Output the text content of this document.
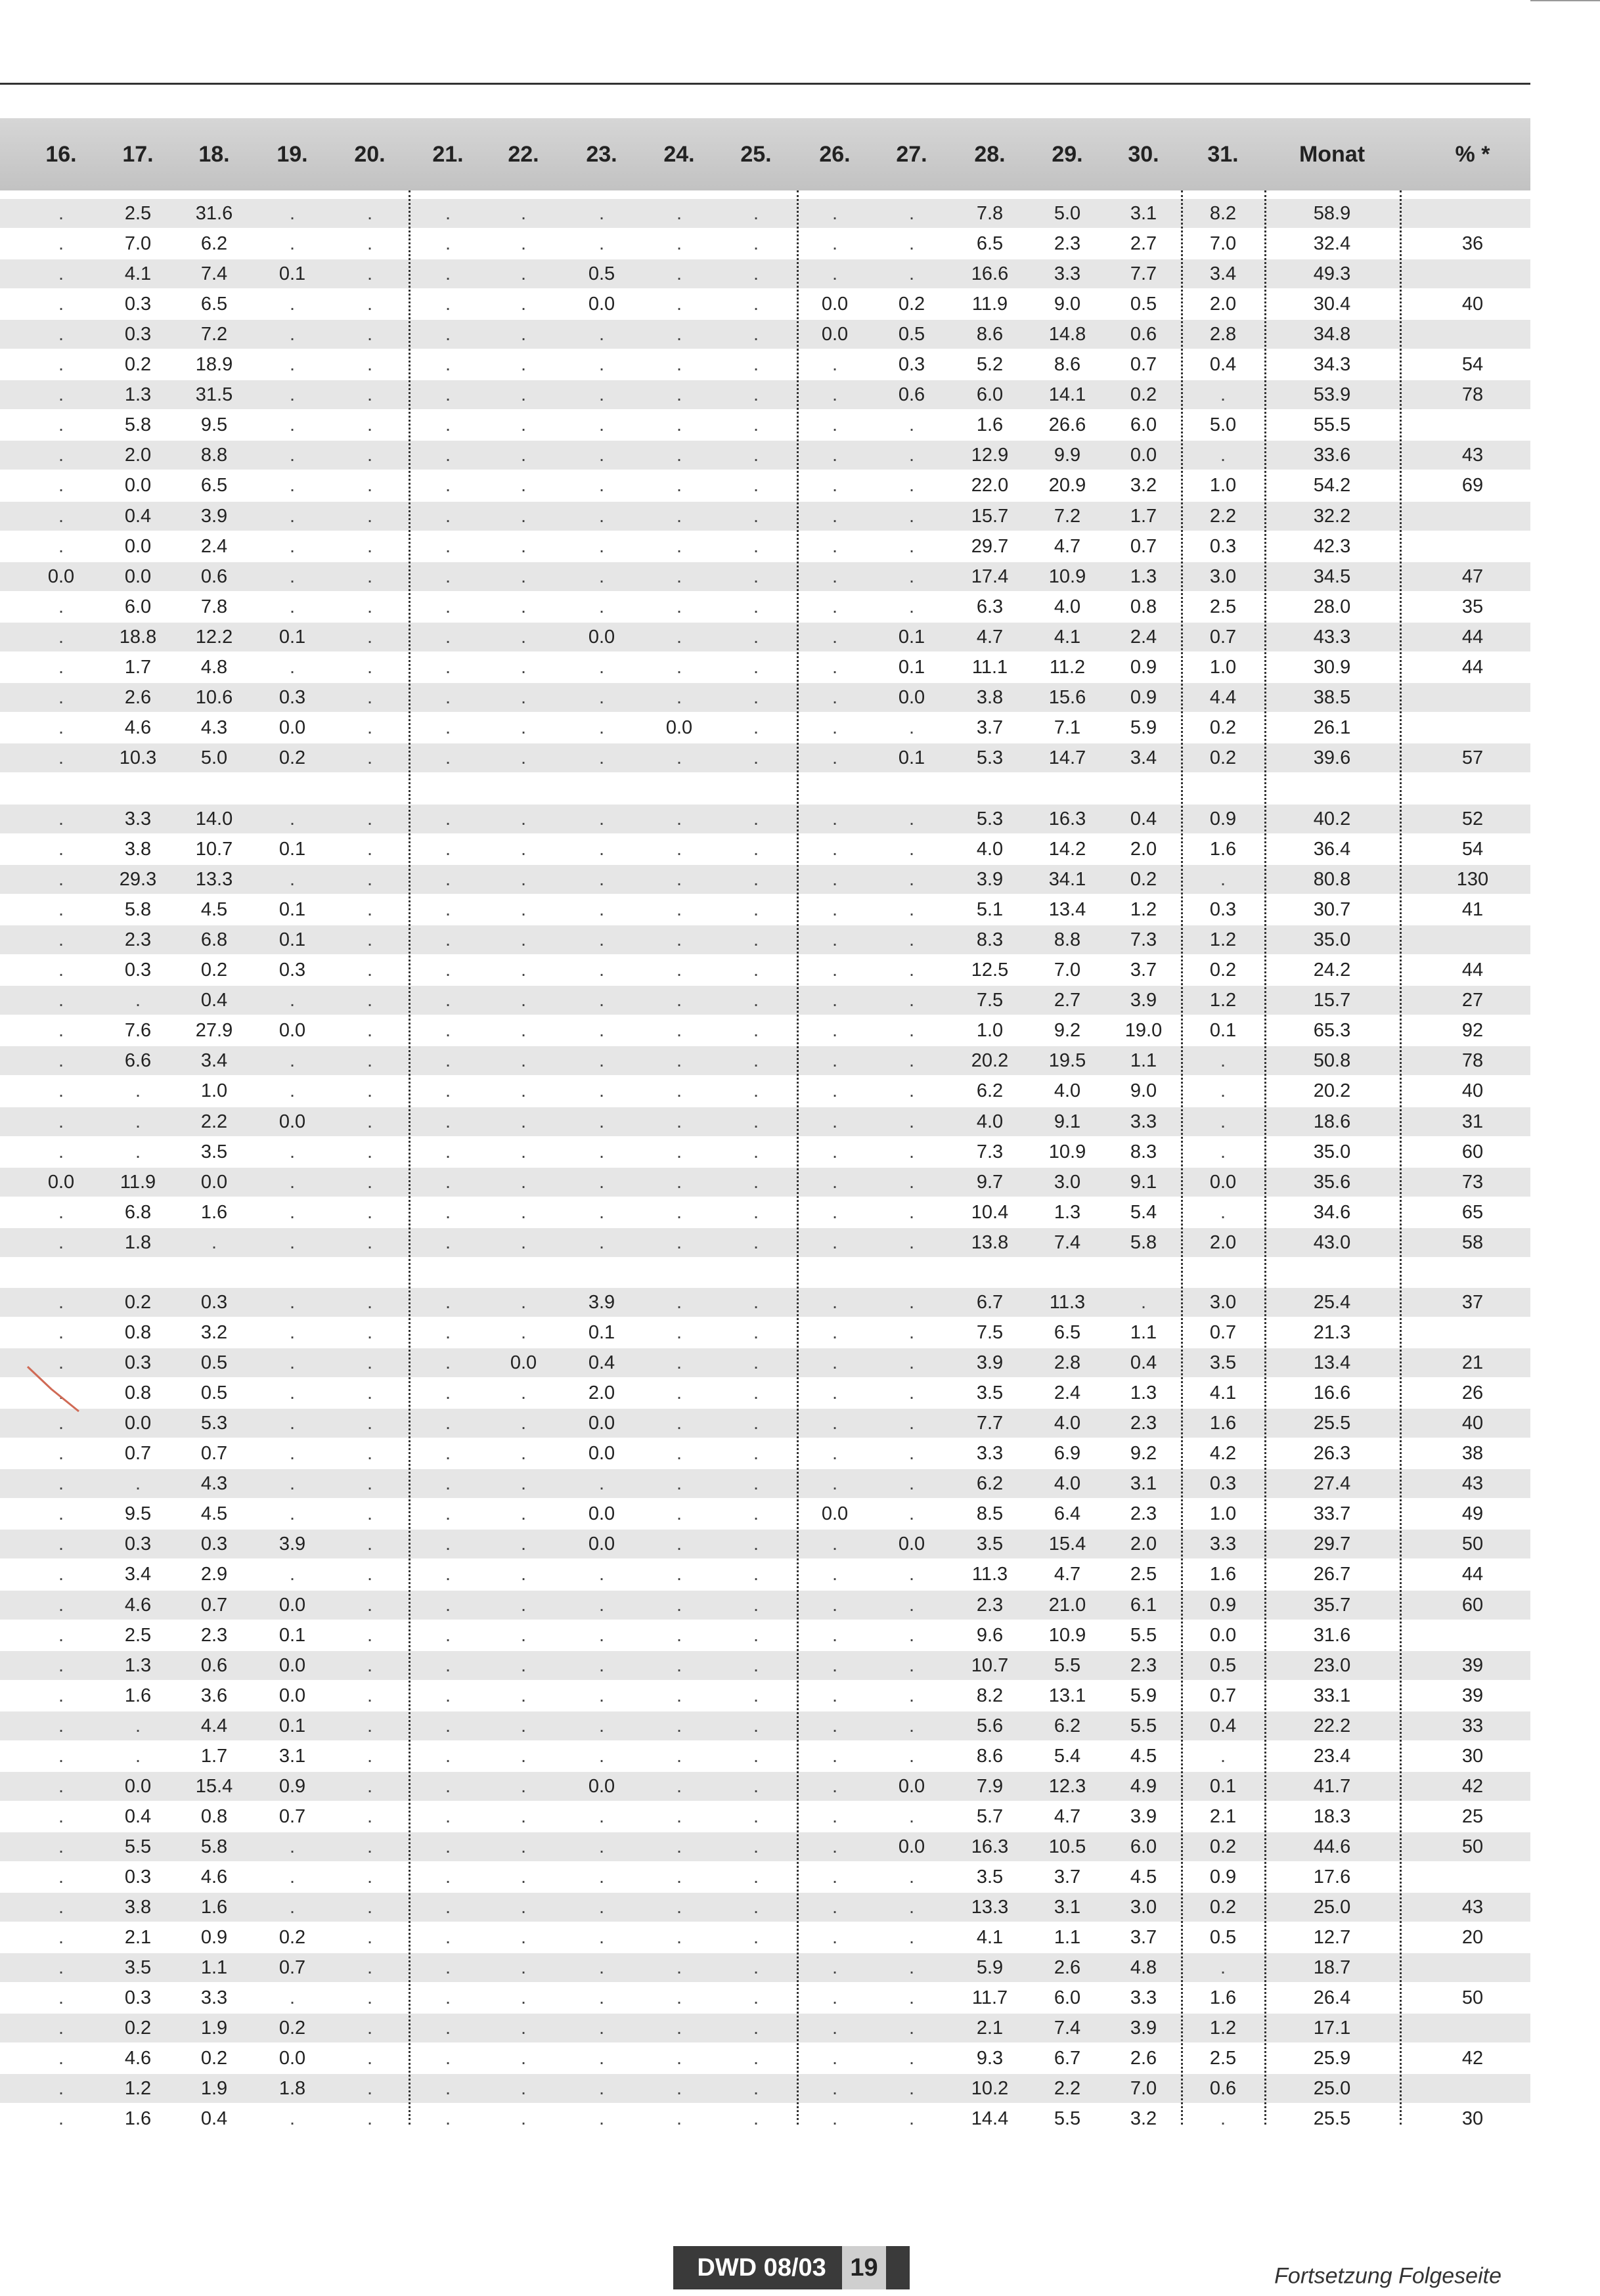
16.	17.	18.	19.	20.	21.	22.	23.	24.	25.	26.	27.	28.	29.	30.	31.	Monat	% *
.	2.5	31.6	.	.	.	.	.	.	.	.	.	7.8	5.0	3.1	8.2	58.9
.	7.0	6.2	.	.	.	.	.	.	.	.	.	6.5	2.3	2.7	7.0	32.4	36
.	4.1	7.4	0.1	.	.	.	0.5	.	.	.	.	16.6	3.3	7.7	3.4	49.3
.	0.3	6.5	.	.	.	.	0.0	.	.	0.0	0.2	11.9	9.0	0.5	2.0	30.4	40
.	0.3	7.2	.	.	.	.	.	.	.	0.0	0.5	8.6	14.8	0.6	2.8	34.8
.	0.2	18.9	.	.	.	.	.	.	.	.	0.3	5.2	8.6	0.7	0.4	34.3	54
.	1.3	31.5	.	.	.	.	.	.	.	.	0.6	6.0	14.1	0.2	.	53.9	78
.	5.8	9.5	.	.	.	.	.	.	.	.	.	1.6	26.6	6.0	5.0	55.5
.	2.0	8.8	.	.	.	.	.	.	.	.	.	12.9	9.9	0.0	.	33.6	43
.	0.0	6.5	.	.	.	.	.	.	.	.	.	22.0	20.9	3.2	1.0	54.2	69
.	0.4	3.9	.	.	.	.	.	.	.	.	.	15.7	7.2	1.7	2.2	32.2
.	0.0	2.4	.	.	.	.	.	.	.	.	.	29.7	4.7	0.7	0.3	42.3
0.0	0.0	0.6	.	.	.	.	.	.	.	.	.	17.4	10.9	1.3	3.0	34.5	47
.	6.0	7.8	.	.	.	.	.	.	.	.	.	6.3	4.0	0.8	2.5	28.0	35
.	18.8	12.2	0.1	.	.	.	0.0	.	.	.	0.1	4.7	4.1	2.4	0.7	43.3	44
.	1.7	4.8	.	.	.	.	.	.	.	.	0.1	11.1	11.2	0.9	1.0	30.9	44
.	2.6	10.6	0.3	.	.	.	.	.	.	.	0.0	3.8	15.6	0.9	4.4	38.5
.	4.6	4.3	0.0	.	.	.	.	0.0	.	.	.	3.7	7.1	5.9	0.2	26.1
.	10.3	5.0	0.2	.	.	.	.	.	.	.	0.1	5.3	14.7	3.4	0.2	39.6	57
.	3.3	14.0	.	.	.	.	.	.	.	.	.	5.3	16.3	0.4	0.9	40.2	52
.	3.8	10.7	0.1	.	.	.	.	.	.	.	.	4.0	14.2	2.0	1.6	36.4	54
.	29.3	13.3	.	.	.	.	.	.	.	.	.	3.9	34.1	0.2	.	80.8	130
.	5.8	4.5	0.1	.	.	.	.	.	.	.	.	5.1	13.4	1.2	0.3	30.7	41
.	2.3	6.8	0.1	.	.	.	.	.	.	.	.	8.3	8.8	7.3	1.2	35.0
.	0.3	0.2	0.3	.	.	.	.	.	.	.	.	12.5	7.0	3.7	0.2	24.2	44
.	.	0.4	.	.	.	.	.	.	.	.	.	7.5	2.7	3.9	1.2	15.7	27
.	7.6	27.9	0.0	.	.	.	.	.	.	.	.	1.0	9.2	19.0	0.1	65.3	92
.	6.6	3.4	.	.	.	.	.	.	.	.	.	20.2	19.5	1.1	.	50.8	78
.	.	1.0	.	.	.	.	.	.	.	.	.	6.2	4.0	9.0	.	20.2	40
.	.	2.2	0.0	.	.	.	.	.	.	.	.	4.0	9.1	3.3	.	18.6	31
.	.	3.5	.	.	.	.	.	.	.	.	.	7.3	10.9	8.3	.	35.0	60
0.0	11.9	0.0	.	.	.	.	.	.	.	.	.	9.7	3.0	9.1	0.0	35.6	73
.	6.8	1.6	.	.	.	.	.	.	.	.	.	10.4	1.3	5.4	.	34.6	65
.	1.8	.	.	.	.	.	.	.	.	.	.	13.8	7.4	5.8	2.0	43.0	58
.	0.2	0.3	.	.	.	.	3.9	.	.	.	.	6.7	11.3	.	3.0	25.4	37
.	0.8	3.2	.	.	.	.	0.1	.	.	.	.	7.5	6.5	1.1	0.7	21.3
.	0.3	0.5	.	.	.	0.0	0.4	.	.	.	.	3.9	2.8	0.4	3.5	13.4	21
.	0.8	0.5	.	.	.	.	2.0	.	.	.	.	3.5	2.4	1.3	4.1	16.6	26
.	0.0	5.3	.	.	.	.	0.0	.	.	.	.	7.7	4.0	2.3	1.6	25.5	40
.	0.7	0.7	.	.	.	.	0.0	.	.	.	.	3.3	6.9	9.2	4.2	26.3	38
.	.	4.3	.	.	.	.	.	.	.	.	.	6.2	4.0	3.1	0.3	27.4	43
.	9.5	4.5	.	.	.	.	0.0	.	.	0.0	.	8.5	6.4	2.3	1.0	33.7	49
.	0.3	0.3	3.9	.	.	.	0.0	.	.	.	0.0	3.5	15.4	2.0	3.3	29.7	50
.	3.4	2.9	.	.	.	.	.	.	.	.	.	11.3	4.7	2.5	1.6	26.7	44
.	4.6	0.7	0.0	.	.	.	.	.	.	.	.	2.3	21.0	6.1	0.9	35.7	60
.	2.5	2.3	0.1	.	.	.	.	.	.	.	.	9.6	10.9	5.5	0.0	31.6
.	1.3	0.6	0.0	.	.	.	.	.	.	.	.	10.7	5.5	2.3	0.5	23.0	39
.	1.6	3.6	0.0	.	.	.	.	.	.	.	.	8.2	13.1	5.9	0.7	33.1	39
.	.	4.4	0.1	.	.	.	.	.	.	.	.	5.6	6.2	5.5	0.4	22.2	33
.	.	1.7	3.1	.	.	.	.	.	.	.	.	8.6	5.4	4.5	.	23.4	30
.	0.0	15.4	0.9	.	.	.	0.0	.	.	.	0.0	7.9	12.3	4.9	0.1	41.7	42
.	0.4	0.8	0.7	.	.	.	.	.	.	.	.	5.7	4.7	3.9	2.1	18.3	25
.	5.5	5.8	.	.	.	.	.	.	.	.	0.0	16.3	10.5	6.0	0.2	44.6	50
.	0.3	4.6	.	.	.	.	.	.	.	.	.	3.5	3.7	4.5	0.9	17.6
.	3.8	1.6	.	.	.	.	.	.	.	.	.	13.3	3.1	3.0	0.2	25.0	43
.	2.1	0.9	0.2	.	.	.	.	.	.	.	.	4.1	1.1	3.7	0.5	12.7	20
.	3.5	1.1	0.7	.	.	.	.	.	.	.	.	5.9	2.6	4.8	.	18.7
.	0.3	3.3	.	.	.	.	.	.	.	.	.	11.7	6.0	3.3	1.6	26.4	50
.	0.2	1.9	0.2	.	.	.	.	.	.	.	.	2.1	7.4	3.9	1.2	17.1
.	4.6	0.2	0.0	.	.	.	.	.	.	.	.	9.3	6.7	2.6	2.5	25.9	42
.	1.2	1.9	1.8	.	.	.	.	.	.	.	.	10.2	2.2	7.0	0.6	25.0
.	1.6	0.4	.	.	.	.	.	.	.	.	.	14.4	5.5	3.2	.	25.5	30
DWD 08/03 19	Fortsetzung Folgeseite
